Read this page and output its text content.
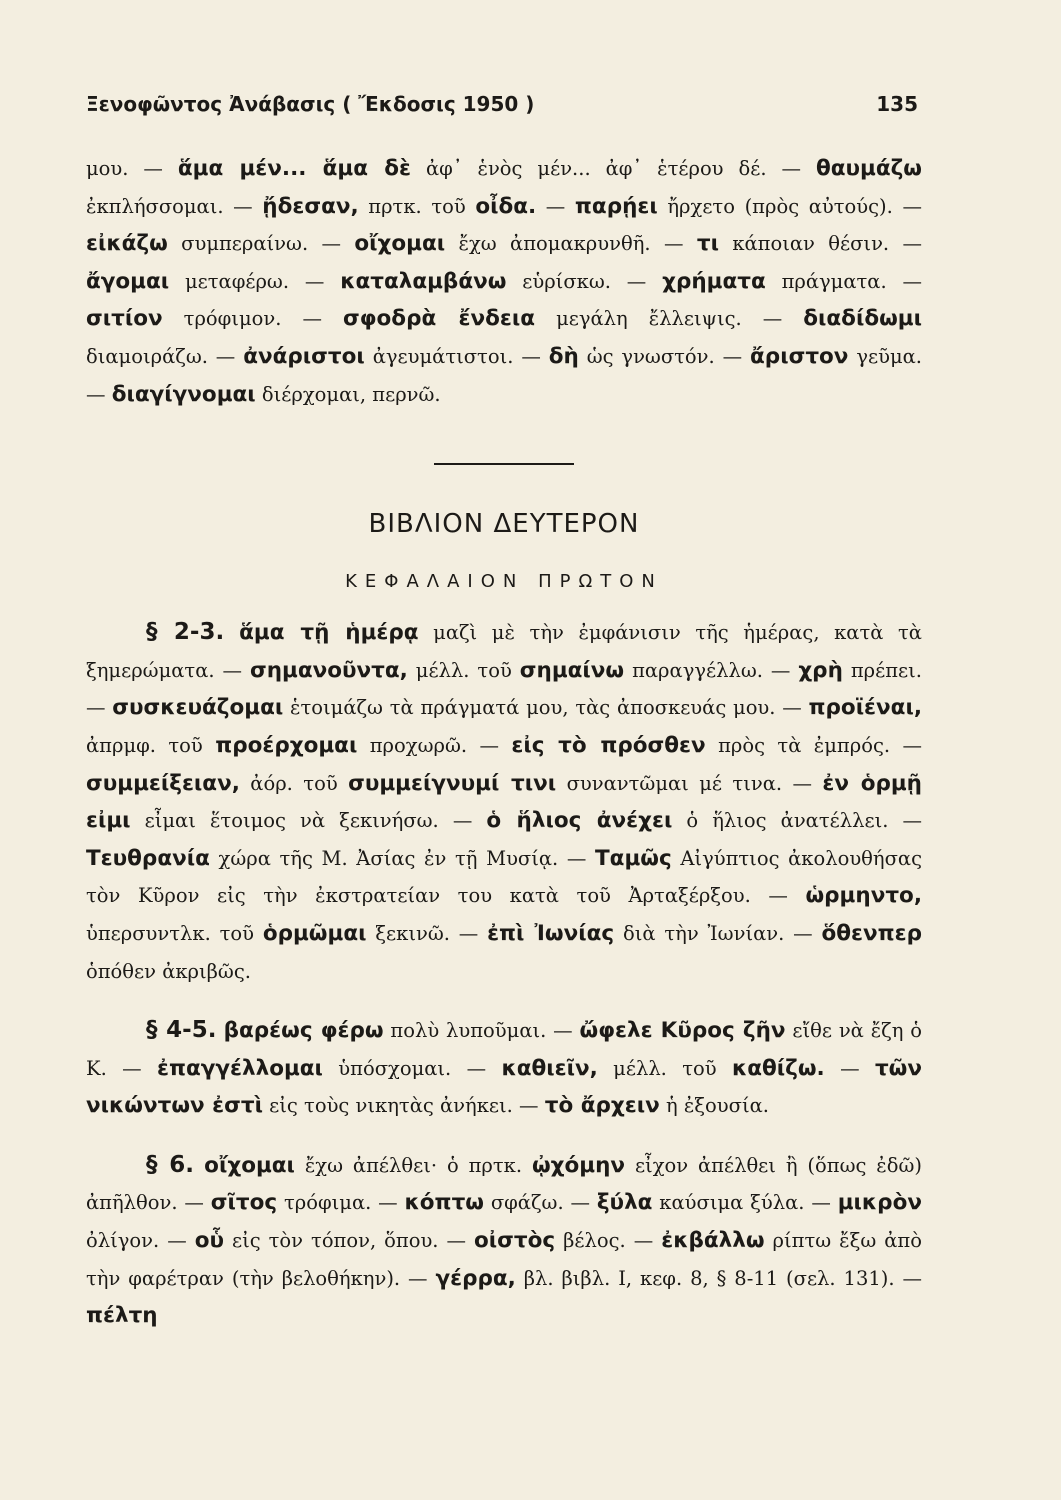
Ξενοφῶντος Ἀνάβασις ( Ἔκδοσις 1950 )	135

μου. — ἅμα μέν... ἅμα δὲ ἀφ᾽ ἑνὸς μέν... ἀφ᾽ ἑτέρου δέ. — θαυμάζω ἐκπλήσσομαι. — ᾔδεσαν, πρτκ. τοῦ οἶδα. — παρῄει ἤρχετο (πρὸς αὐτούς). — εἰκάζω συμπεραίνω. — οἴχομαι ἔχω ἀπομακρυνθῆ. — τι κάποιαν θέσιν. — ἄγομαι μεταφέρω. — καταλαμβάνω εὑρίσκω. — χρήματα πράγματα. — σιτίον τρόφιμον. — σφοδρὰ ἔνδεια μεγάλη ἔλλειψις. — διαδίδωμι διαμοιράζω. — ἀνάριστοι ἀγευμάτιστοι. — δὴ ὡς γνωστόν. — ἄριστον γεῦμα. — διαγίγνομαι διέρχομαι, περνῶ.

ΒΙΒΛΙΟΝ ΔΕΥΤΕΡΟΝ
ΚΕΦΑΛΑΙΟΝ ΠΡΩΤΟΝ

§ 2-3. ἅμα τῇ ἡμέρᾳ μαζὶ μὲ τὴν ἐμφάνισιν τῆς ἡμέρας, κατὰ τὰ ξημερώματα. — σημανοῦντα, μέλλ. τοῦ σημαίνω παραγγέλλω. — χρὴ πρέπει. — συσκευάζομαι ἑτοιμάζω τὰ πράγματά μου, τὰς ἀποσκευάς μου. — προϊέναι, ἀπρμφ. τοῦ προέρχομαι προχωρῶ. — εἰς τὸ πρόσθεν πρὸς τὰ ἐμπρός. — συμμείξειαν, ἀόρ. τοῦ συμμείγνυμί τινι συναντῶμαι μέ τινα. — ἐν ὁρμῇ εἰμι εἶμαι ἕτοιμος νὰ ξεκινήσω. — ὁ ἥλιος ἀνέχει ὁ ἥλιος ἀνατέλλει. — Τευθρανία χώρα τῆς Μ. Ἀσίας ἐν τῇ Μυσίᾳ. — Ταμῶς Αἰγύπτιος ἀκολουθήσας τὸν Κῦρον εἰς τὴν ἐκστρατείαν του κατὰ τοῦ Ἀρταξέρξου. — ὡρμηντο, ὑπερσυντλκ. τοῦ ὁρμῶμαι ξεκινῶ. — ἐπὶ Ἰωνίας διὰ τὴν Ἰωνίαν. — ὅθενπερ ὁπόθεν ἀκριβῶς.

§ 4-5. βαρέως φέρω πολὺ λυποῦμαι. — ὤφελε Κῦρος ζῆν εἴθε νὰ ἔζη ὁ Κ. — ἐπαγγέλλομαι ὑπόσχομαι. — καθιεῖν, μέλλ. τοῦ καθίζω. — τῶν νικώντων ἐστὶ εἰς τοὺς νικητὰς ἀνήκει. — τὸ ἄρχειν ἡ ἐξουσία.

§ 6. οἴχομαι ἔχω ἀπέλθει· ὁ πρτκ. ᾠχόμην εἶχον ἀπέλθει ἢ (ὅπως ἐδῶ) ἀπῆλθον. — σῖτος τρόφιμα. — κόπτω σφάζω. — ξύλα καύσιμα ξύλα. — μικρὸν ὀλίγον. — οὗ εἰς τὸν τόπον, ὅπου. — οἰστὸς βέλος. — ἐκβάλλω ρίπτω ἔξω ἀπὸ τὴν φαρέτραν (τὴν βελοθήκην). — γέρρα, βλ. βιβλ. I, κεφ. 8, § 8-11 (σελ. 131). — πέλτη
